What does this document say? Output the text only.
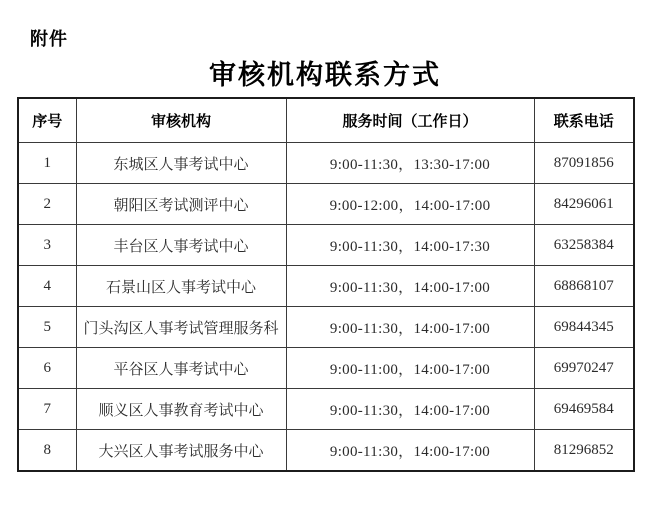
附件
审核机构联系方式
序号	审核机构	服务时间（工作日）	联系电话
1	东城区人事考试中心	9:00-11:30，13:30-17:00	87091856
2	朝阳区考试测评中心	9:00-12:00，14:00-17:00	84296061
3	丰台区人事考试中心	9:00-11:30，14:00-17:30	63258384
4	石景山区人事考试中心	9:00-11:30，14:00-17:00	68868107
5	门头沟区人事考试管理服务科	9:00-11:30，14:00-17:00	69844345
6	平谷区人事考试中心	9:00-11:00，14:00-17:00	69970247
7	顺义区人事教育考试中心	9:00-11:30，14:00-17:00	69469584
8	大兴区人事考试服务中心	9:00-11:30，14:00-17:00	81296852
